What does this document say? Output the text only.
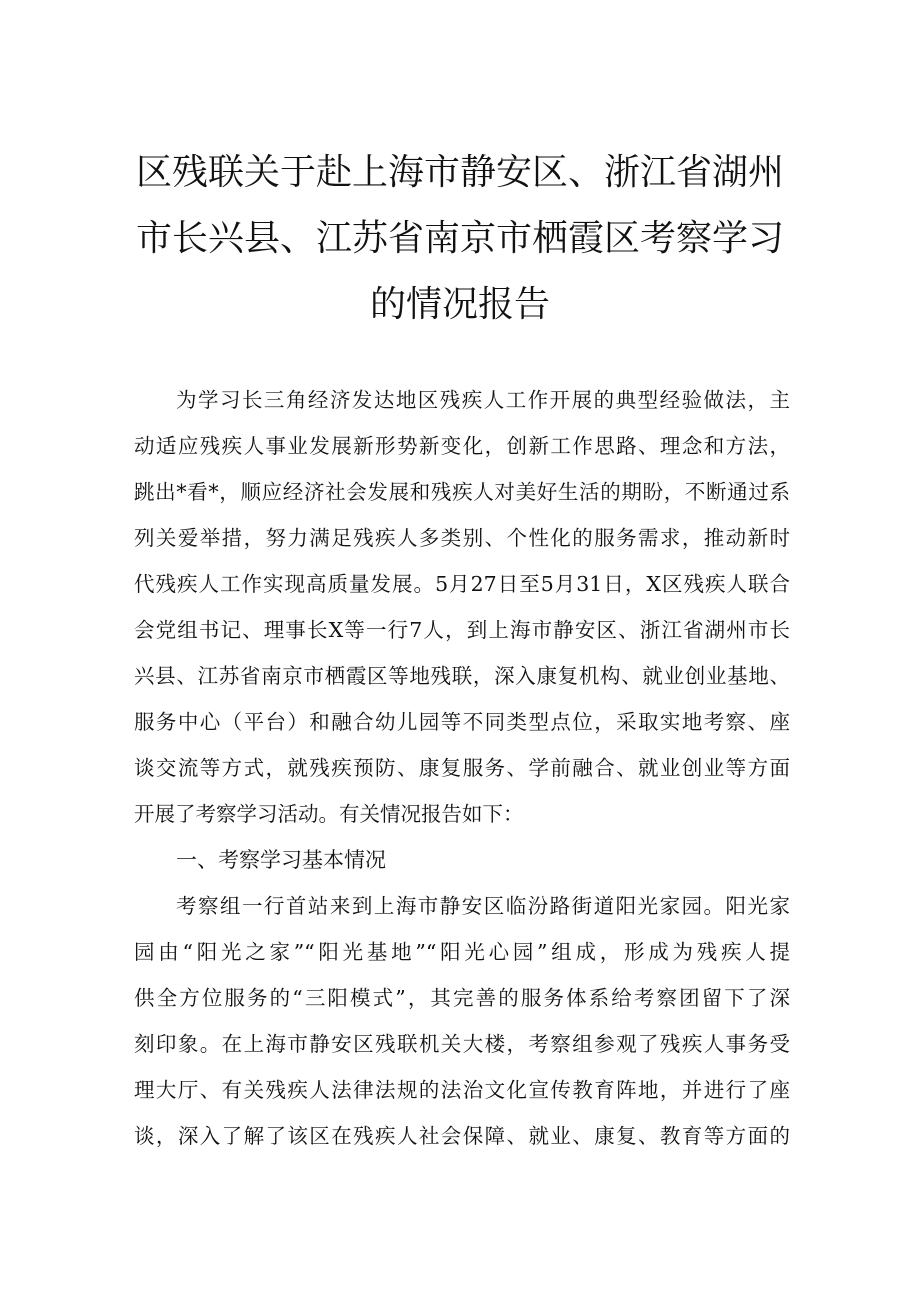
区残联关于赴上海市静安区、浙江省湖州
市长兴县、江苏省南京市栖霞区考察学习
的情况报告
为学习长三角经济发达地区残疾人工作开展的典型经验做法，主
动适应残疾人事业发展新形势新变化，创新工作思路、理念和方法，
跳出*看*，顺应经济社会发展和残疾人对美好生活的期盼，不断通过系
列关爱举措，努力满足残疾人多类别、个性化的服务需求，推动新时
代残疾人工作实现高质量发展。5月27日至5月31日，X区残疾人联合
会党组书记、理事长X等一行7人，到上海市静安区、浙江省湖州市长
兴县、江苏省南京市栖霞区等地残联，深入康复机构、就业创业基地、
服务中心（平台）和融合幼儿园等不同类型点位，采取实地考察、座
谈交流等方式，就残疾预防、康复服务、学前融合、就业创业等方面
开展了考察学习活动。有关情况报告如下：
一、考察学习基本情况
考察组一行首站来到上海市静安区临汾路街道阳光家园。阳光家
园由“阳光之家”“阳光基地”“阳光心园”组成，形成为残疾人提
供全方位服务的“三阳模式”，其完善的服务体系给考察团留下了深
刻印象。在上海市静安区残联机关大楼，考察组参观了残疾人事务受
理大厅、有关残疾人法律法规的法治文化宣传教育阵地，并进行了座
谈，深入了解了该区在残疾人社会保障、就业、康复、教育等方面的
